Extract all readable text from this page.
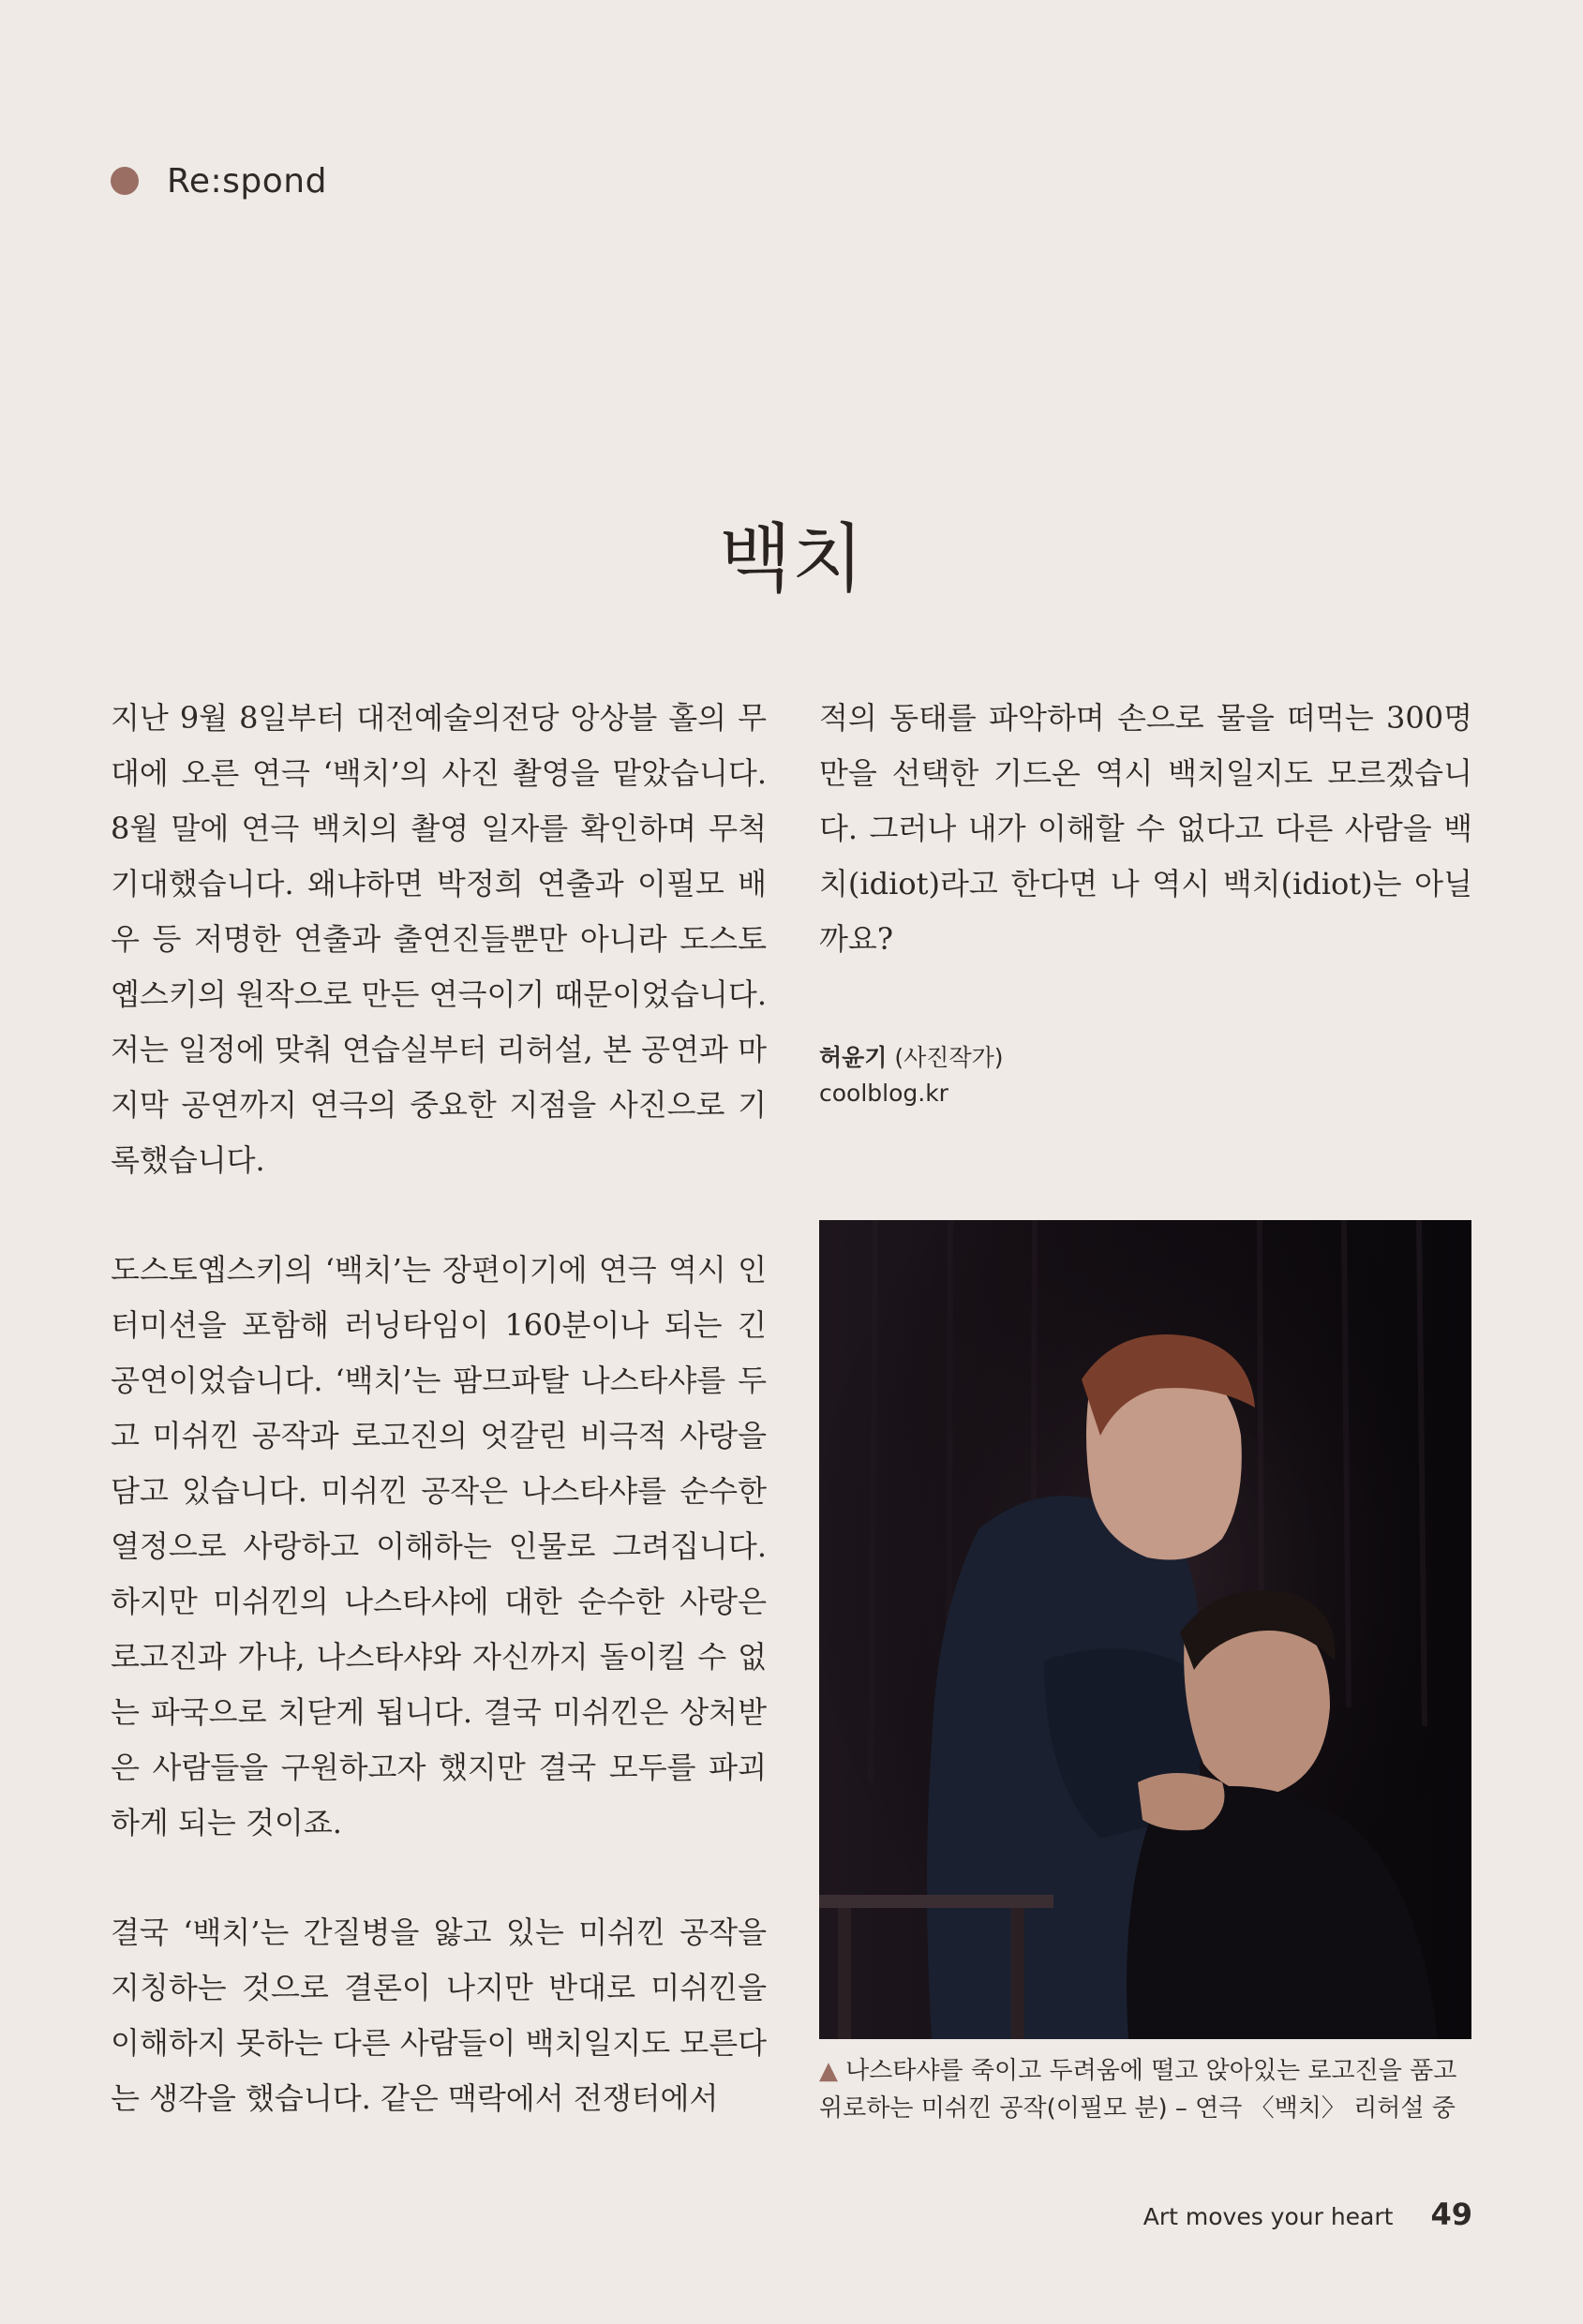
Re:spond
백치

지난 9월 8일부터 대전예술의전당 앙상블 홀의 무대에 오른 연극 ‘백치’의 사진 촬영을 맡았습니다. 8월 말에 연극 백치의 촬영 일자를 확인하며 무척 기대했습니다. 왜냐하면 박정희 연출과 이필모 배우 등 저명한 연출과 출연진들뿐만 아니라 도스토옙스키의 원작으로 만든 연극이기 때문이었습니다. 저는 일정에 맞춰 연습실부터 리허설, 본 공연과 마지막 공연까지 연극의 중요한 지점을 사진으로 기록했습니다.

도스토옙스키의 ‘백치’는 장편이기에 연극 역시 인터미션을 포함해 러닝타임이 160분이나 되는 긴 공연이었습니다. ‘백치’는 팜므파탈 나스타샤를 두고 미쉬낀 공작과 로고진의 엇갈린 비극적 사랑을 담고 있습니다. 미쉬낀 공작은 나스타샤를 순수한 열정으로 사랑하고 이해하는 인물로 그려집니다. 하지만 미쉬낀의 나스타샤에 대한 순수한 사랑은 로고진과 가냐, 나스타샤와 자신까지 돌이킬 수 없는 파국으로 치닫게 됩니다. 결국 미쉬낀은 상처받은 사람들을 구원하고자 했지만 결국 모두를 파괴하게 되는 것이죠.

결국 ‘백치’는 간질병을 앓고 있는 미쉬낀 공작을 지칭하는 것으로 결론이 나지만 반대로 미쉬낀을 이해하지 못하는 다른 사람들이 백치일지도 모른다는 생각을 했습니다. 같은 맥락에서 전쟁터에서

적의 동태를 파악하며 손으로 물을 떠먹는 300명만을 선택한 기드온 역시 백치일지도 모르겠습니다. 그러나 내가 이해할 수 없다고 다른 사람을 백치(idiot)라고 한다면 나 역시 백치(idiot)는 아닐까요?

허윤기 (사진작가)
coolblog.kr
▲ 나스타샤를 죽이고 두려움에 떨고 앉아있는 로고진을 품고 위로하는 미쉬낀 공작(이필모 분) – 연극 〈백치〉 리허설 중
Art moves your heart 49
